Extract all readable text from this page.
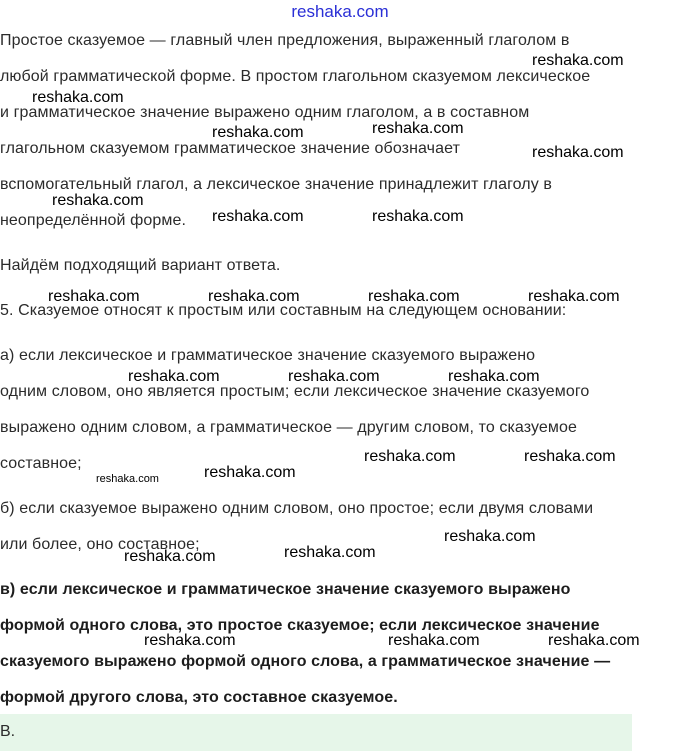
reshaka.com
Простое сказуемое — главный член предложения, выраженный глаголом в
любой грамматической форме. В простом глагольном сказуемом лексическое
и грамматическое значение выражено одним глаголом, а в составном
глагольном сказуемом грамматическое значение обозначает
вспомогательный глагол, а лексическое значение принадлежит глаголу в
неопределённой форме.
Найдём подходящий вариант ответа.
5. Сказуемое относят к простым или составным на следующем основании:
а) если лексическое и грамматическое значение сказуемого выражено
одним словом, оно является простым; если лексическое значение сказуемого
выражено одним словом, а грамматическое — другим словом, то сказуемое
составное;
б) если сказуемое выражено одним словом, оно простое; если двумя словами
или более, оно составное;
в) если лексическое и грамматическое значение сказуемого выражено
формой одного слова, это простое сказуемое; если лексическое значение
сказуемого выражено формой одного слова, а грамматическое значение —
формой другого слова, это составное сказуемое.
В.
reshaka.com
reshaka.com
reshaka.com	reshaka.com
reshaka.com
reshaka.com
reshaka.com	reshaka.com
reshaka.com	reshaka.com	reshaka.com	reshaka.com
reshaka.com	reshaka.com	reshaka.com
reshaka.com	reshaka.com
reshaka.com	reshaka.com
reshaka.com
reshaka.com	reshaka.com
reshaka.com	reshaka.com	reshaka.com
